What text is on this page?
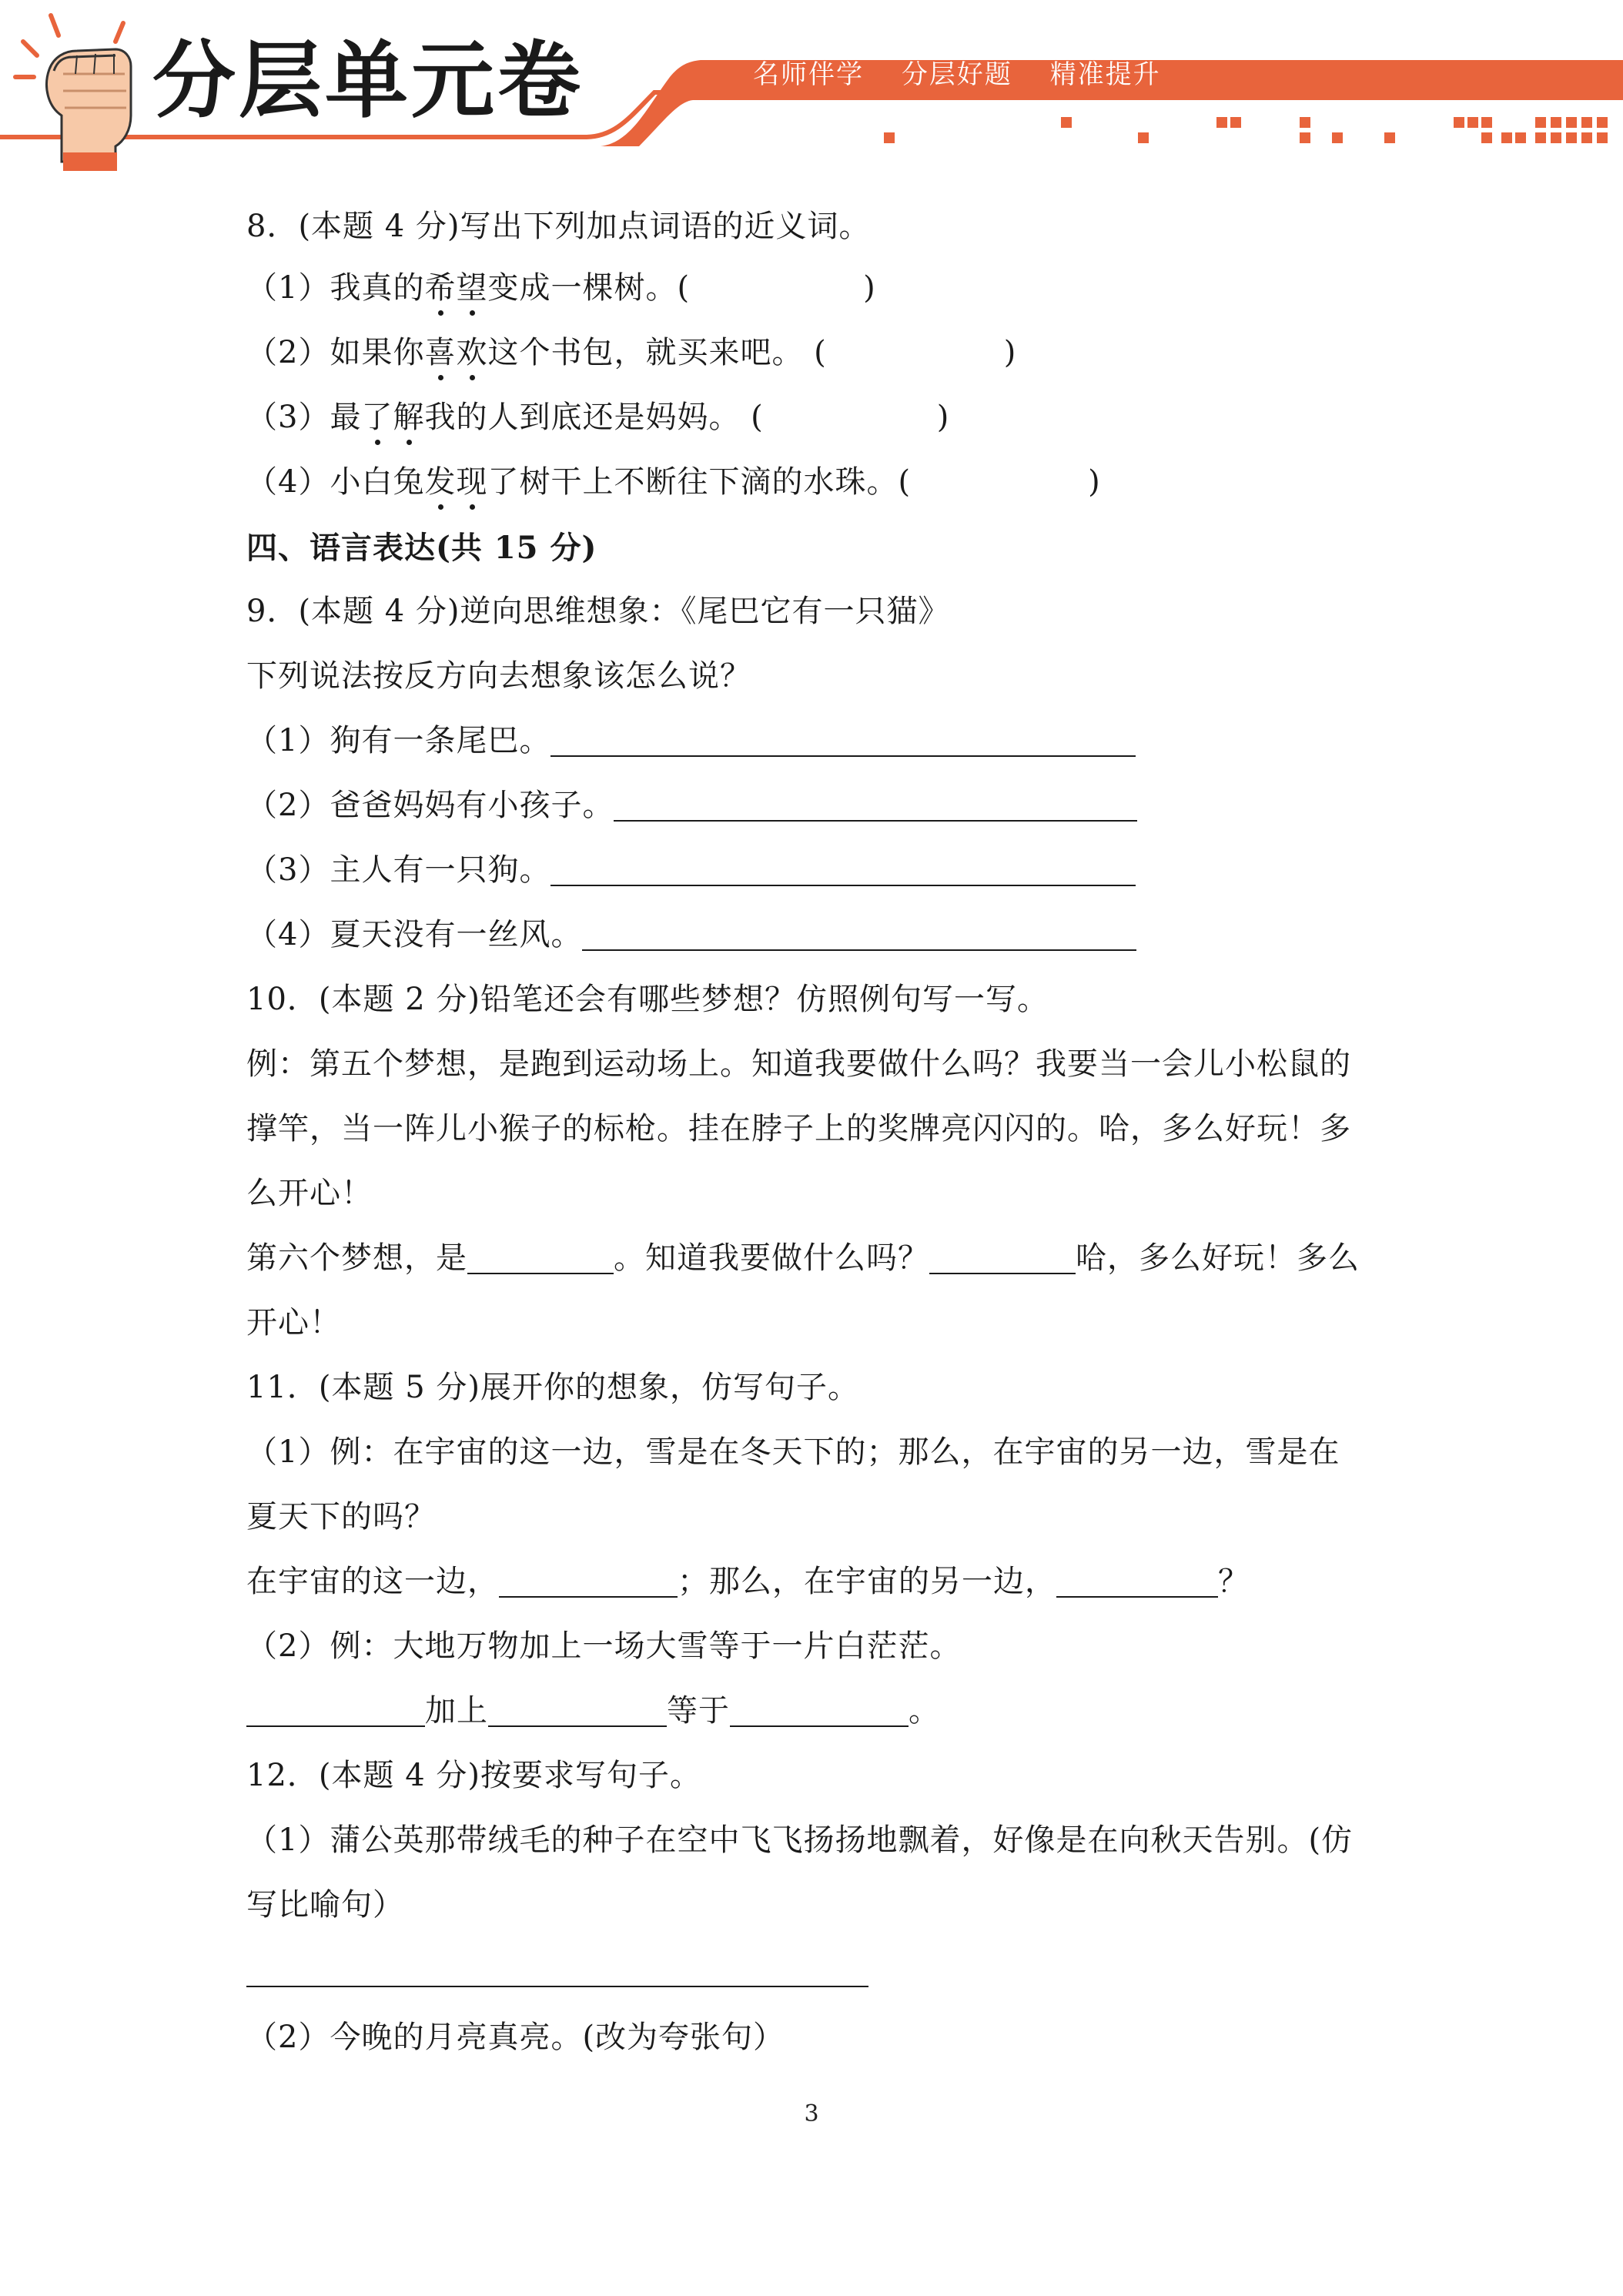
分层单元卷	名师伴学 分层好题 精准提升
8．(本题 4 分)写出下列加点词语的近义词。
（1）我真的希望变成一棵树。(	)
（2）如果你喜欢这个书包，就买来吧。 (	)
（3）最了解我的人到底还是妈妈。 (	)
（4）小白兔发现了树干上不断往下滴的水珠。(	)
四、语言表达(共 15 分)
9．(本题 4 分)逆向思维想象：《尾巴它有一只猫》
下列说法按反方向去想象该怎么说？
（1）狗有一条尾巴。
（2）爸爸妈妈有小孩子。
（3）主人有一只狗。
（4）夏天没有一丝风。
10．(本题 2 分)铅笔还会有哪些梦想？仿照例句写一写。
例：第五个梦想，是跑到运动场上。知道我要做什么吗？我要当一会儿小松鼠的
撑竿，当一阵儿小猴子的标枪。挂在脖子上的奖牌亮闪闪的。哈，多么好玩！多
么开心！
第六个梦想，是	。知道我要做什么吗？	哈，多么好玩！多么
开心！
11．(本题 5 分)展开你的想象，仿写句子。
（1）例：在宇宙的这一边，雪是在冬天下的；那么，在宇宙的另一边，雪是在
夏天下的吗？
在宇宙的这一边，	；那么，在宇宙的另一边，	？
（2）例：大地万物加上一场大雪等于一片白茫茫。
加上	等于	。
12．(本题 4 分)按要求写句子。
（1）蒲公英那带绒毛的种子在空中飞飞扬扬地飘着，好像是在向秋天告别。(仿
写比喻句）
（2）今晚的月亮真亮。(改为夸张句）
3
